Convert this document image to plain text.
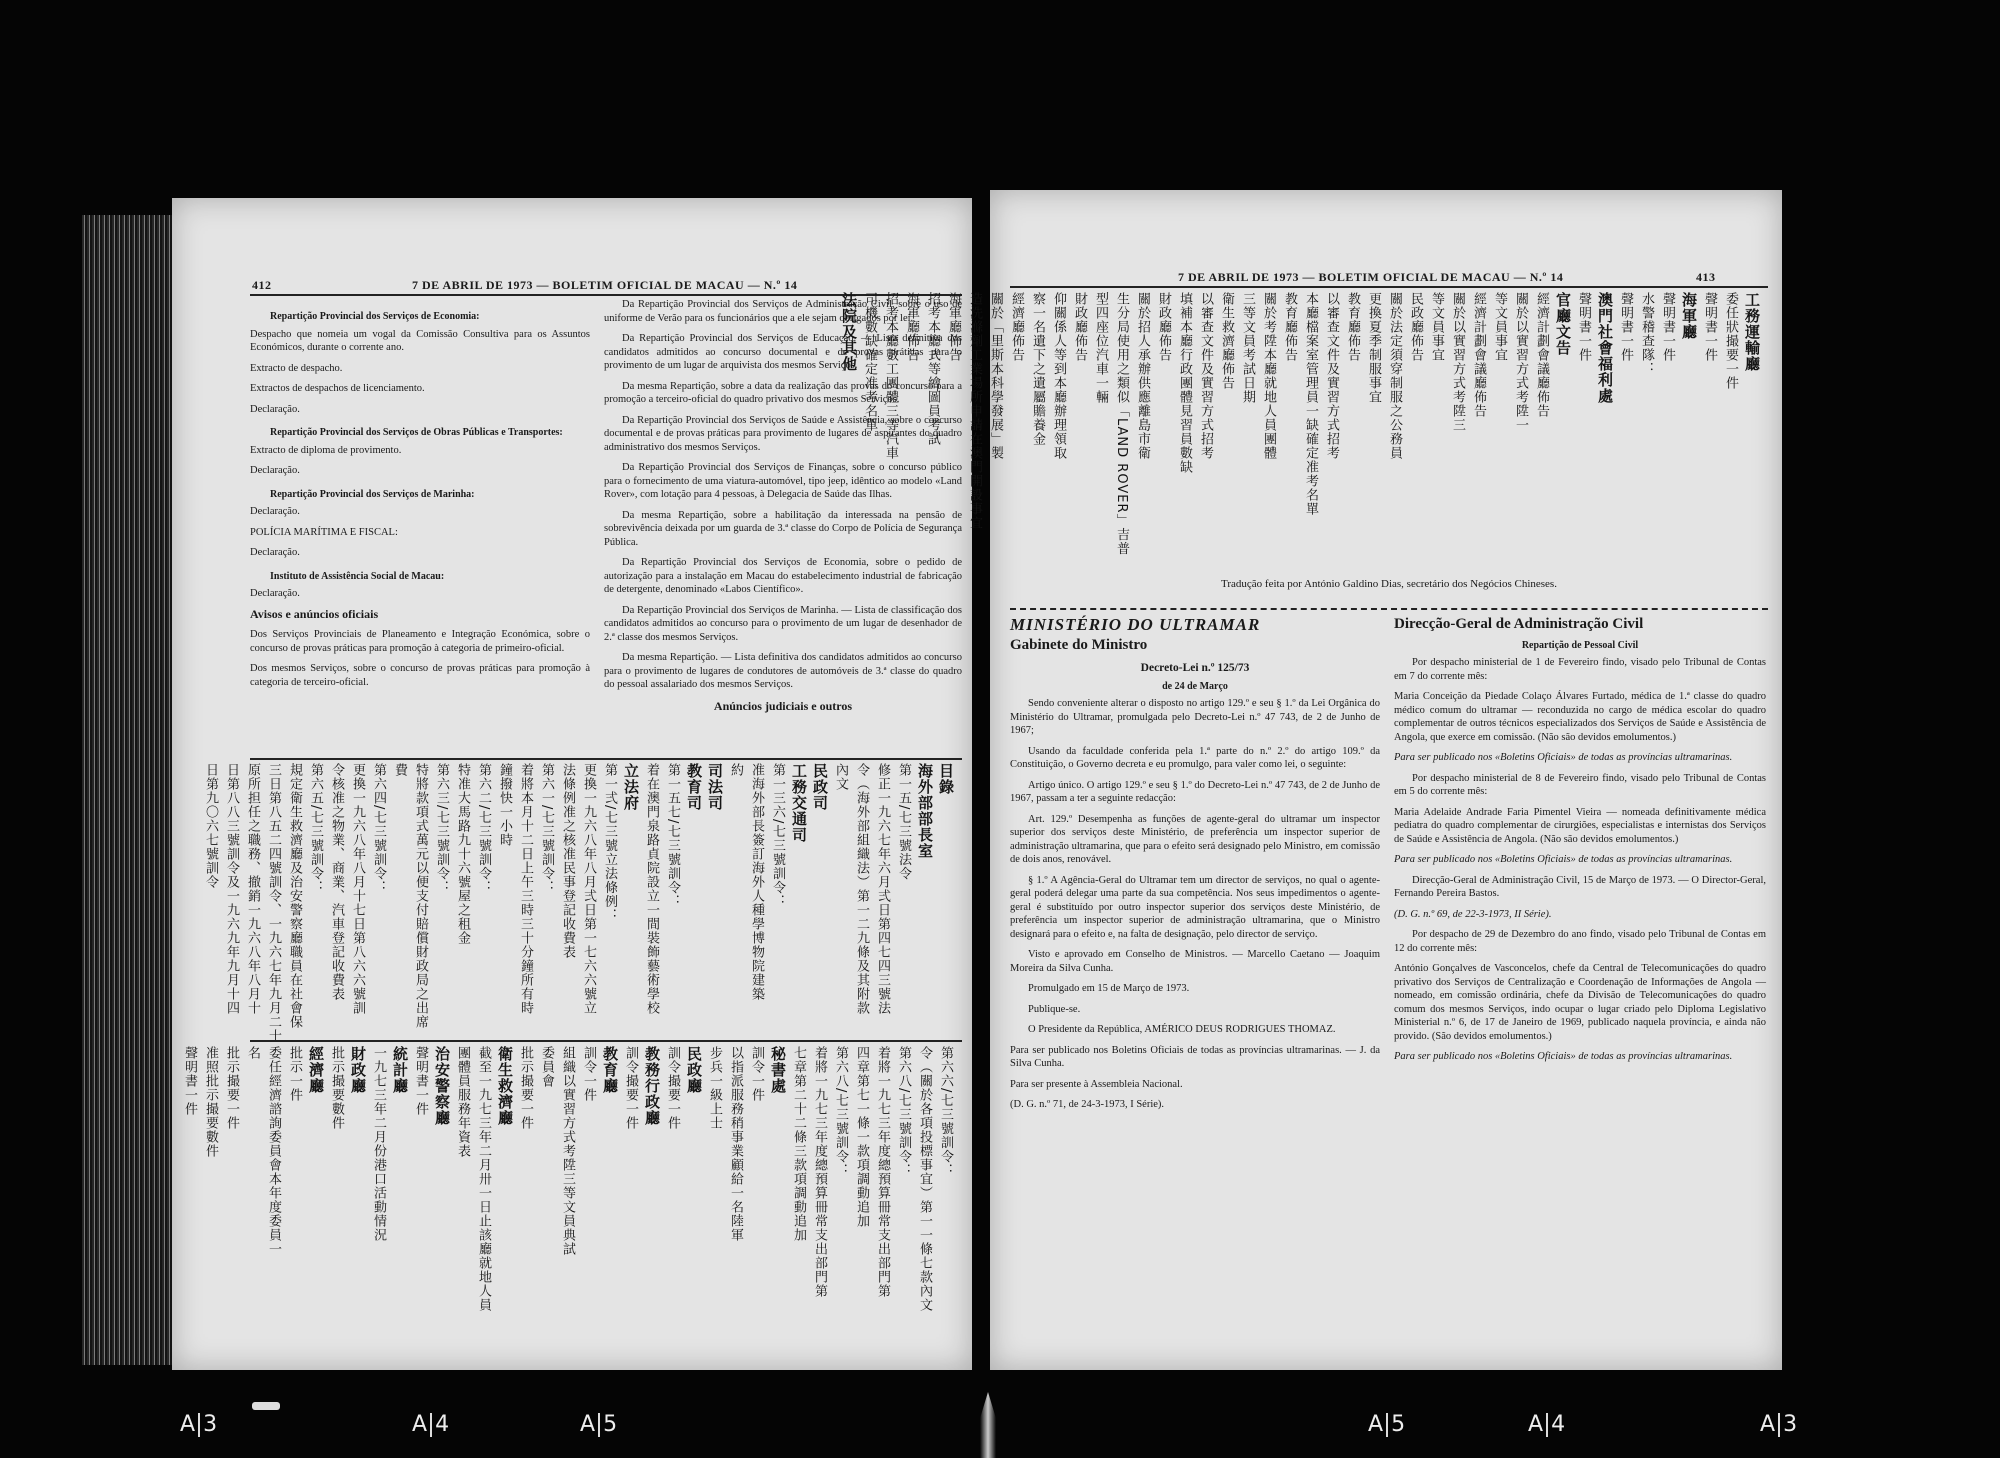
412	7 DE ABRIL DE 1973 — BOLETIM OFICIAL DE MACAU — N.º 14

Repartição Provincial dos Serviços de Economia:

Despacho que nomeia um vogal da Comissão Consultiva para os Assuntos Económicos, durante o corrente ano.

Extracto de despacho.

Extractos de despachos de licenciamento.

Declaração.

Repartição Provincial dos Serviços de Obras Públicas e Transportes:

Extracto de diploma de provimento.

Declaração.

Repartição Provincial dos Serviços de Marinha:

Declaração.

POLÍCIA MARÍTIMA E FISCAL:

Declaração.

Instituto de Assistência Social de Macau:

Declaração.

Avisos e anúncios oficiais

Dos Serviços Provinciais de Planeamento e Integração Económica, sobre o concurso de provas práticas para promoção à categoria de primeiro-oficial.

Dos mesmos Serviços, sobre o concurso de provas práticas para promoção à categoria de terceiro-oficial.

Da Repartição Provincial dos Serviços de Administração Civil, sobre o uso de uniforme de Verão para os funcionários que a ele sejam obrigados por lei.

Da Repartição Provincial dos Serviços de Educação. — Lista definitiva dos candidatos admitidos ao concurso documental e de provas práticas para o provimento de um lugar de arquivista dos mesmos Serviços.

Da mesma Repartição, sobre a data da realização das provas do concurso para a promoção a terceiro-oficial do quadro privativo dos mesmos Serviços.

Da Repartição Provincial dos Serviços de Saúde e Assistência, sobre o concurso documental e de provas práticas para provimento de lugares de aspirantes do quadro administrativo dos mesmos Serviços.

Da Repartição Provincial dos Serviços de Finanças, sobre o concurso público para o fornecimento de uma viatura-automóvel, tipo jeep, idêntico ao modelo «Land Rover», com lotação para 4 pessoas, à Delegacia de Saúde das Ilhas.

Da mesma Repartição, sobre a habilitação da interessada na pensão de sobrevivência deixada por um guarda de 3.ª classe do Corpo de Polícia de Segurança Pública.

Da Repartição Provincial dos Serviços de Economia, sobre o pedido de autorização para a instalação em Macau do estabelecimento industrial de fabricação de detergente, denominado «Labos Científico».

Da Repartição Provincial dos Serviços de Marinha. — Lista de classificação dos candidatos admitidos ao concurso para o provimento de um lugar de desenhador de 2.ª classe dos mesmos Serviços.

Da mesma Repartição. — Lista definitiva dos candidatos admitidos ao concurso para o provimento de lugares de condutores de automóveis de 3.ª classe do quadro do pessoal assalariado dos mesmos Serviços.

Anúncios judiciais e outros
目錄
海外部部長室
第一五/七三號法令
修正一九六七年六月弍日第四七四三號法
令（海外部組織法）第一二九條及其附款
內文
民政司
工務交通司
第一三六/七三號訓令：
准海外部長簽訂海外人種學博物院建築
約
司法司
教育司
第一五七/七三號訓令：
着在澳門泉路貞院設立一間裝飾藝術學校
立法府
第一弍/七三號立法條例：
更換一九六八年八月弍日第一七六六號立
法條例准之核准民事登記收費表
第六一/七三號訓令：
着將本月十二日上午三時三十分鐘所有時
鐘撥快一小時
第六二/七三號訓令：
特准大馬路九十六號屋之租金
第六三/七三號訓令：
特將款項式萬元以便支付賠償財政局之出席
費
第六四/七三號訓令：
更換一九六八年八月十七日第八六六號訓
令核准之物業、商業、汽車登記收費表
第六五/七三號訓令：
規定衛生救濟廳及治安警察廳職員在社會保
三日第八五二四號訓令、一九六七年九月二十
原所担任之職務、撤銷一九六八年八月十
日第八八三號訓令及一九六九年九月十四
日第九〇六七號訓令
第六六/七三號訓令：
令（關於各項投標事宜）第一一條七款內文
第六八/七三號訓令：
着將一九七三年度總預算冊常支出部門第
四章第七一條一款項調動追加
第六八/七三號訓令：
着將一九七三年度總預算冊常支出部門第
七章第二十二條三款項調動追加
秘書處
訓令一件
以指派服務稍事業顧給一名陸軍
步兵一級上士
民政廳
訓令撮要一件
教務行政廳
訓令撮要一件
教育廳
訓令一件
組織以實習方式考陞三等文員典試
委員會
批示撮要一件
衛生救濟廳
截至一九七三年二月卅一日止該廳就地人員
團體員服務年資表
治安警察廳
聲明書一件
統計廳
一九七三年二月份港口活動情況
財政廳
批示撮要數件
經濟廳
批示一件
委任經濟諮詢委員會本年度委員一
名
批示撮要一件
准照批示撮要數件
聲明書一件
7 DE ABRIL DE 1973 — BOLETIM OFICIAL DE MACAU — N.º 14	413
工務運輸廳
委任狀撮要一件
聲明書一件
海軍廳
聲明書一件
水警稽查隊：
聲明書一件
澳門社會福利處
聲明書一件
官廳文告
經濟計劃會議廳佈告
關於以實習方式考陞一
等文員事宜
經濟計劃會議廳佈告
關於以實習方式考陞三
等文員事宜
民政廳佈告
關於法定須穿制服之公務員
更換夏季制服事宜
教育廳佈告
以審查文件及實習方式招考
本廳檔案室管理員一缺確定准考名單
教育廳佈告
關於考陞本廳就地人員團體
三等文員考試日期
衛生救濟廳佈告
以審查文件及實習方式招考
填補本廳行政團體見習員數缺
財政廳佈告
關於招人承辦供應離島市衛
生分局使用之類似「LAND ROVER」吉普
型四座位汽車一輛
財政廳佈告
仰關係人等到本廳辦理領取
察一名遺下之遺屬贍養金
經濟廳佈告
關於「里斯本科學發展」製
造洗滌劑工業場所申請在澳門開設事宜
海軍廳佈告
招考本廳式等繪圖員考試
海軍廳佈告
招考本廳數工團體三等汽車
司機數缺確定准考名單
法院及其他
Tradução feita por António Galdino Dias, secretário dos Negócios Chineses.

MINISTÉRIO DO ULTRAMAR

Gabinete do Ministro

Decreto-Lei n.º 125/73

de 24 de Março

Sendo conveniente alterar o disposto no artigo 129.º e seu § 1.º da Lei Orgânica do Ministério do Ultramar, promulgada pelo Decreto-Lei n.º 47 743, de 2 de Junho de 1967;

Usando da faculdade conferida pela 1.ª parte do n.º 2.º do artigo 109.º da Constituição, o Governo decreta e eu promulgo, para valer como lei, o seguinte:

Artigo único. O artigo 129.º e seu § 1.º do Decreto-Lei n.º 47 743, de 2 de Junho de 1967, passam a ter a seguinte redacção:

Art. 129.º Desempenha as funções de agente-geral do ultramar um inspector superior dos serviços deste Ministério, de preferência um inspector superior de administração ultramarina, que para o efeito será designado pelo Ministro, em comissão de dois anos, renovável.

§ 1.º A Agência-Geral do Ultramar tem um director de serviços, no qual o agente-geral poderá delegar uma parte da sua competência. Nos seus impedimentos o agente-geral é substituído por outro inspector superior dos serviços deste Ministério, de preferência um inspector superior de administração ultramarina, que o Ministro designará para o efeito e, na falta de designação, pelo director de serviço.

Visto e aprovado em Conselho de Ministros. — Marcello Caetano — Joaquim Moreira da Silva Cunha.

Promulgado em 15 de Março de 1973.

Publique-se.

O Presidente da República, AMÉRICO DEUS RODRIGUES THOMAZ.

Para ser publicado nos Boletins Oficiais de todas as províncias ultramarinas. — J. da Silva Cunha.

Para ser presente à Assembleia Nacional.

(D. G. n.º 71, de 24-3-1973, I Série).

Direcção-Geral de Administração Civil

Repartição de Pessoal Civil

Por despacho ministerial de 1 de Fevereiro findo, visado pelo Tribunal de Contas em 7 do corrente mês:

Maria Conceição da Piedade Colaço Álvares Furtado, médica de 1.ª classe do quadro médico comum do ultramar — reconduzida no cargo de médica escolar do quadro complementar de outros técnicos especializados dos Serviços de Saúde e Assistência de Angola, que exerce em comissão. (Não são devidos emolumentos.)

Para ser publicado nos «Boletins Oficiais» de todas as províncias ultramarinas.

Por despacho ministerial de 8 de Fevereiro findo, visado pelo Tribunal de Contas em 5 do corrente mês:

Maria Adelaide Andrade Faria Pimentel Vieira — nomeada definitivamente médica pediatra do quadro complementar de cirurgiões, especialistas e internistas dos Serviços de Saúde e Assistência de Angola. (Não são devidos emolumentos.)

Para ser publicado nos «Boletins Oficiais» de todas as províncias ultramarinas.

Direcção-Geral de Administração Civil, 15 de Março de 1973. — O Director-Geral, Fernando Pereira Bastos.

(D. G. n.º 69, de 22-3-1973, II Série).

Por despacho de 29 de Dezembro do ano findo, visado pelo Tribunal de Contas em 12 do corrente mês:

António Gonçalves de Vasconcelos, chefe da Central de Telecomunicações do quadro privativo dos Serviços de Centralização e Coordenação de Informações de Angola — nomeado, em comissão ordinária, chefe da Divisão de Telecomunicações do quadro comum dos mesmos Serviços, indo ocupar o lugar criado pelo Diploma Legislativo Ministerial n.º 6, de 17 de Janeiro de 1969, publicado naquela província, e ainda não provido. (São devidos emolumentos.)

Para ser publicado nos «Boletins Oficiais» de todas as províncias ultramarinas.

A 3	A 4	A 5	A 5	A 4	A 3
